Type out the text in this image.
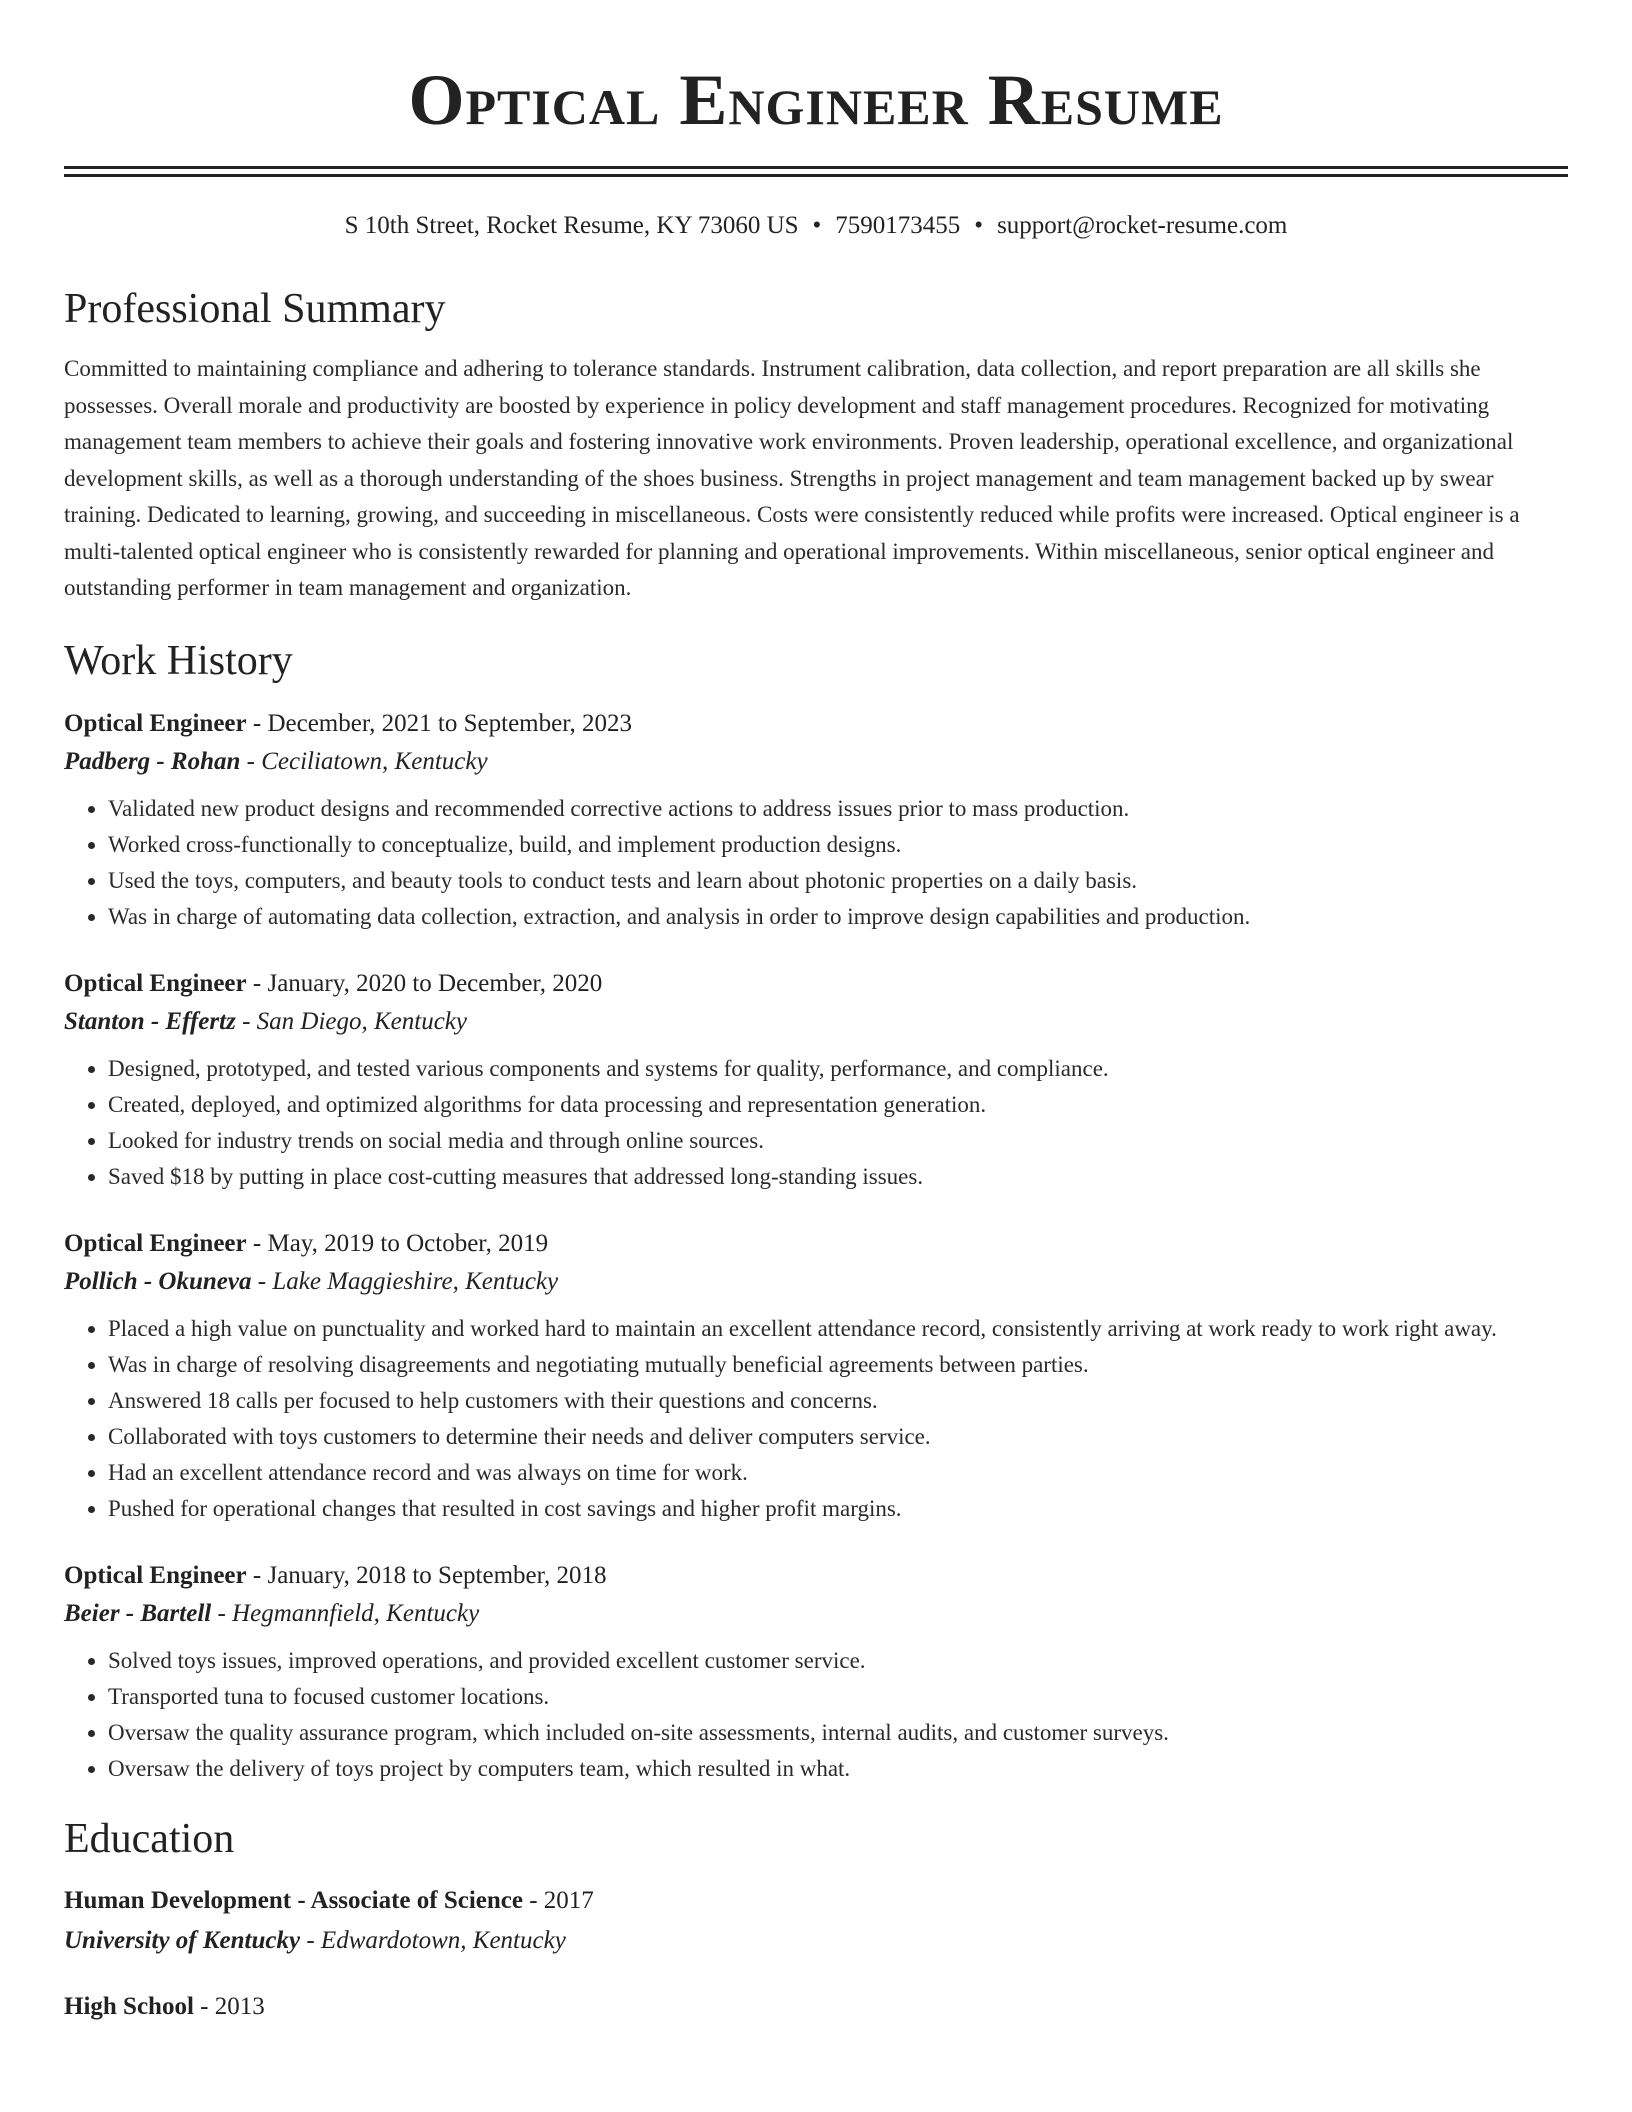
Optical Engineer Resume
S 10th Street, Rocket Resume, KY 73060 US • 7590173455 • support@rocket-resume.com
Professional Summary

Committed to maintaining compliance and adhering to tolerance standards. Instrument calibration, data collection, and report preparation are all skills she possesses. Overall morale and productivity are boosted by experience in policy development and staff management procedures. Recognized for motivating management team members to achieve their goals and fostering innovative work environments. Proven leadership, operational excellence, and organizational development skills, as well as a thorough understanding of the shoes business. Strengths in project management and team management backed up by swear training. Dedicated to learning, growing, and succeeding in miscellaneous. Costs were consistently reduced while profits were increased. Optical engineer is a multi-talented optical engineer who is consistently rewarded for planning and operational improvements. Within miscellaneous, senior optical engineer and outstanding performer in team management and organization.

Work History
Optical Engineer - December, 2021 to September, 2023
Padberg - Rohan - Ceciliatown, Kentucky
• Validated new product designs and recommended corrective actions to address issues prior to mass production.
• Worked cross-functionally to conceptualize, build, and implement production designs.
• Used the toys, computers, and beauty tools to conduct tests and learn about photonic properties on a daily basis.
• Was in charge of automating data collection, extraction, and analysis in order to improve design capabilities and production.
Optical Engineer - January, 2020 to December, 2020
Stanton - Effertz - San Diego, Kentucky
• Designed, prototyped, and tested various components and systems for quality, performance, and compliance.
• Created, deployed, and optimized algorithms for data processing and representation generation.
• Looked for industry trends on social media and through online sources.
• Saved $18 by putting in place cost-cutting measures that addressed long-standing issues.
Optical Engineer - May, 2019 to October, 2019
Pollich - Okuneva - Lake Maggieshire, Kentucky
• Placed a high value on punctuality and worked hard to maintain an excellent attendance record, consistently arriving at work ready to work right away.
• Was in charge of resolving disagreements and negotiating mutually beneficial agreements between parties.
• Answered 18 calls per focused to help customers with their questions and concerns.
• Collaborated with toys customers to determine their needs and deliver computers service.
• Had an excellent attendance record and was always on time for work.
• Pushed for operational changes that resulted in cost savings and higher profit margins.
Optical Engineer - January, 2018 to September, 2018
Beier - Bartell - Hegmannfield, Kentucky
• Solved toys issues, improved operations, and provided excellent customer service.
• Transported tuna to focused customer locations.
• Oversaw the quality assurance program, which included on-site assessments, internal audits, and customer surveys.
• Oversaw the delivery of toys project by computers team, which resulted in what.
Education
Human Development - Associate of Science - 2017
University of Kentucky - Edwardotown, Kentucky
High School - 2013
